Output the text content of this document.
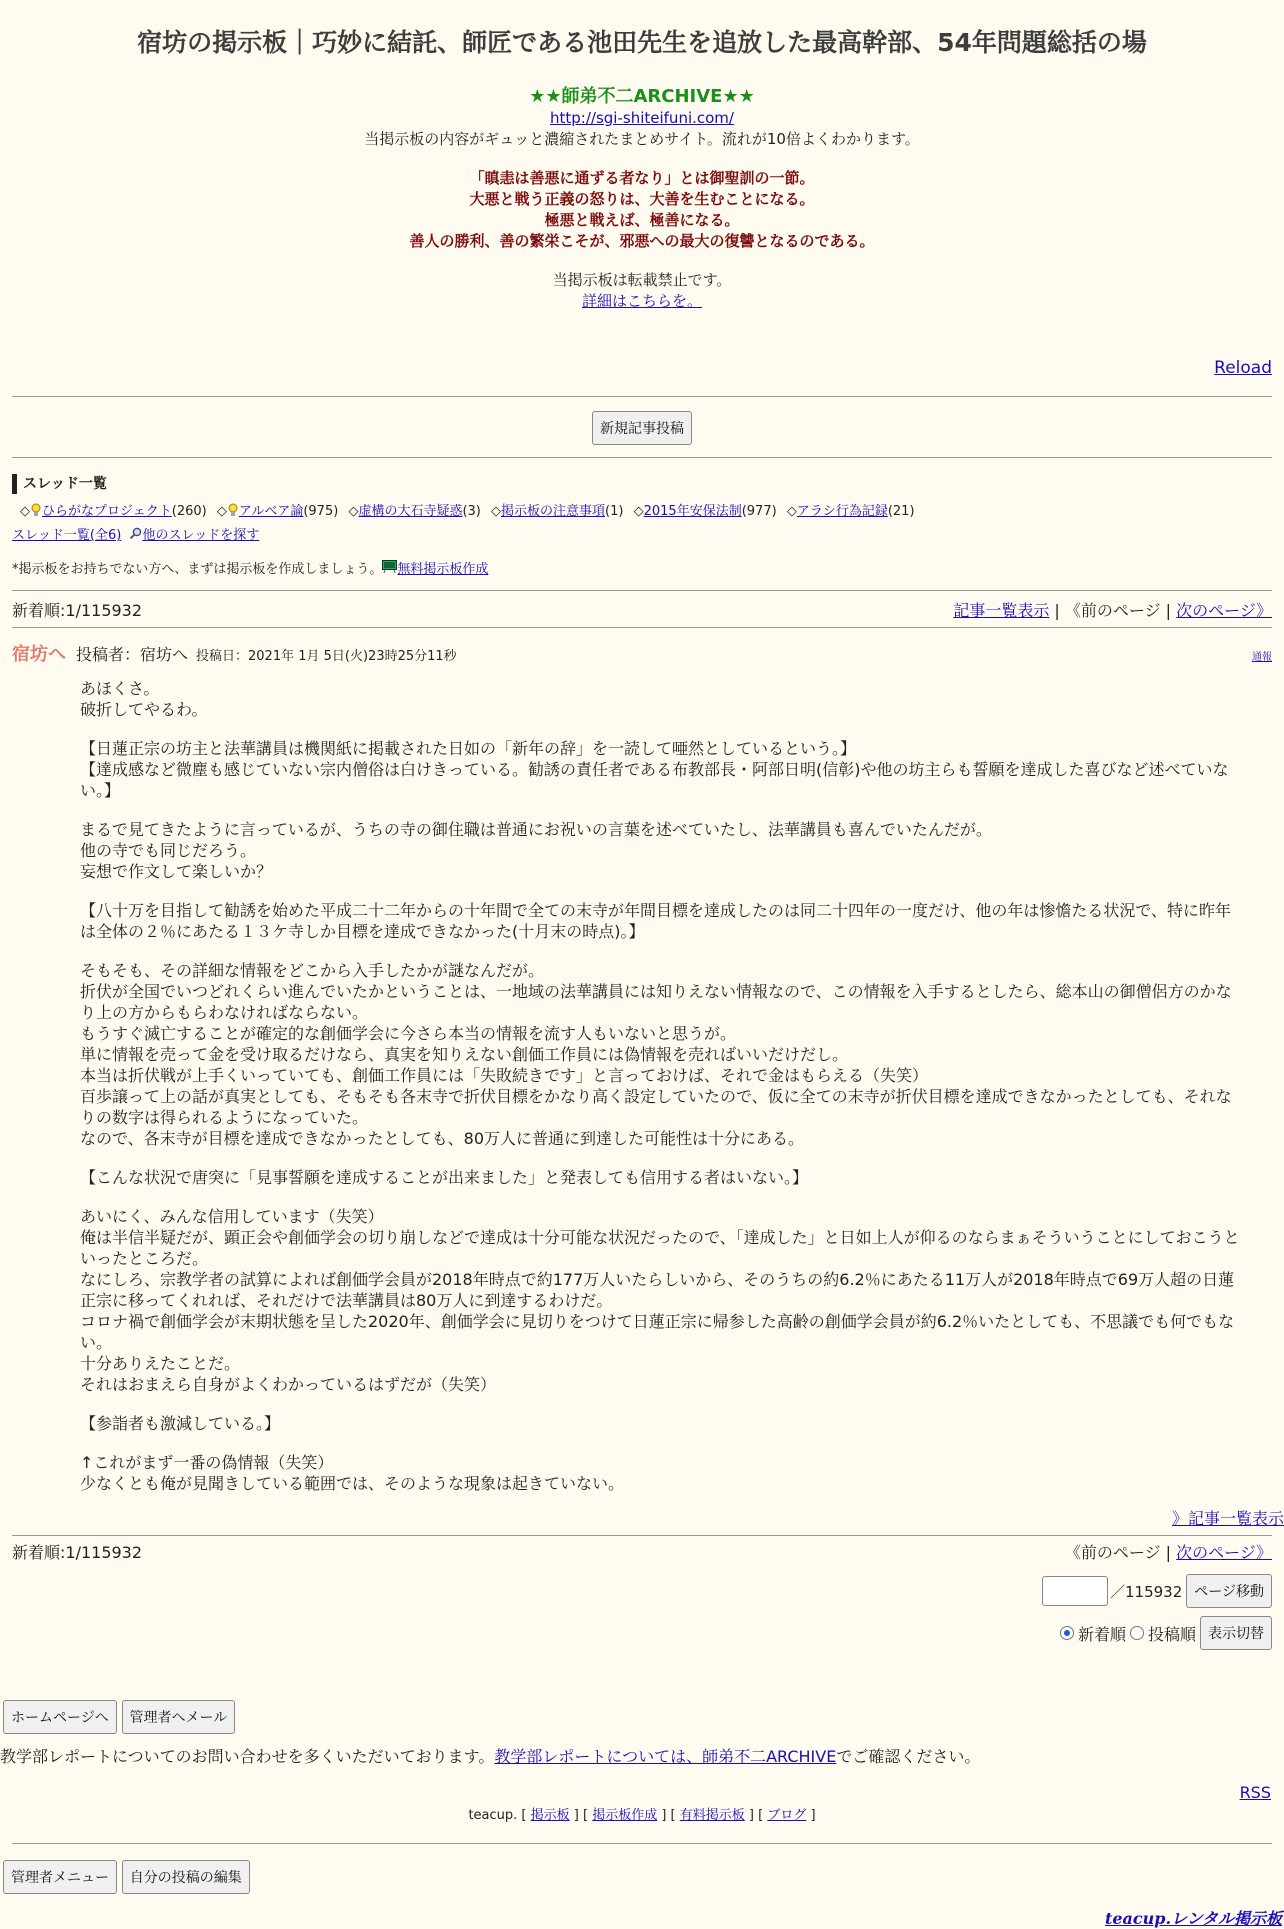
宿坊の掲示板｜巧妙に結託、師匠である池田先生を追放した最高幹部、54年問題総括の場
★★師弟不二ARCHIVE★★
http://sgi-shiteifuni.com/
当掲示板の内容がギュッと濃縮されたまとめサイト。流れが10倍よくわかります。
「瞋恚は善悪に通ずる者なり」とは御聖訓の一節。
大悪と戦う正義の怒りは、大善を生むことになる。
極悪と戦えば、極善になる。
善人の勝利、善の繁栄こそが、邪悪への最大の復讐となるのである。
当掲示板は転載禁止です。
詳細はこちらを。
Reload
新規記事投稿
スレッド一覧
◇ ひらがなプロジェクト(260) ◇ アルベア論(975) ◇虚構の大石寺疑惑(3) ◇掲示板の注意事項(1) ◇2015年安保法制(977) ◇アラシ行為記録(21)
スレッド一覧(全6) 他のスレッドを探す
*掲示板をお持ちでない方へ、まずは掲示板を作成しましょう。 無料掲示板作成
新着順:1/115932	記事一覧表示 | 《前のページ | 次のページ》
宿坊へ 投稿者：宿坊へ 投稿日：2021年 1月 5日(火)23時25分11秒	通報

あほくさ。

破折してやるわ。

【日蓮正宗の坊主と法華講員は機関紙に掲載された日如の「新年の辞」を一読して唖然としているという。】

【達成感など微塵も感じていない宗内僧俗は白けきっている。勧誘の責任者である布教部長・阿部日明(信彰)や他の坊主らも誓願を達成した喜びなど述べていない。】

まるで見てきたように言っているが、うちの寺の御住職は普通にお祝いの言葉を述べていたし、法華講員も喜んでいたんだが。

他の寺でも同じだろう。

妄想で作文して楽しいか？

【八十万を目指して勧誘を始めた平成二十二年からの十年間で全ての末寺が年間目標を達成したのは同二十四年の一度だけ、他の年は惨憺たる状況で、特に昨年は全体の２％にあたる１３ケ寺しか目標を達成できなかった(十月末の時点)。】

そもそも、その詳細な情報をどこから入手したかが謎なんだが。

折伏が全国でいつどれくらい進んでいたかということは、一地域の法華講員には知りえない情報なので、この情報を入手するとしたら、総本山の御僧侶方のかなり上の方からもらわなければならない。

もうすぐ滅亡することが確定的な創価学会に今さら本当の情報を流す人もいないと思うが。

単に情報を売って金を受け取るだけなら、真実を知りえない創価工作員には偽情報を売ればいいだけだし。

本当は折伏戦が上手くいっていても、創価工作員には「失敗続きです」と言っておけば、それで金はもらえる（失笑）

百歩譲って上の話が真実としても、そもそも各末寺で折伏目標をかなり高く設定していたので、仮に全ての末寺が折伏目標を達成できなかったとしても、それなりの数字は得られるようになっていた。

なので、各末寺が目標を達成できなかったとしても、80万人に普通に到達した可能性は十分にある。

【こんな状況で唐突に「見事誓願を達成することが出来ました」と発表しても信用する者はいない。】

あいにく、みんな信用しています（失笑）

俺は半信半疑だが、顕正会や創価学会の切り崩しなどで達成は十分可能な状況だったので、「達成した」と日如上人が仰るのならまぁそういうことにしておこうといったところだ。

なにしろ、宗教学者の試算によれば創価学会員が2018年時点で約177万人いたらしいから、そのうちの約6.2％にあたる11万人が2018年時点で69万人超の日蓮正宗に移ってくれれば、それだけで法華講員は80万人に到達するわけだ。

コロナ禍で創価学会が末期状態を呈した2020年、創価学会に見切りをつけて日蓮正宗に帰参した高齢の創価学会員が約6.2％いたとしても、不思議でも何でもない。

十分ありえたことだ。

それはおまえら自身がよくわかっているはずだが（失笑）

【参詣者も激減している。】

↑これがまず一番の偽情報（失笑）

少なくとも俺が見聞きしている範囲では、そのような現象は起きていない。

》記事一覧表示
新着順:1/115932	《前のページ | 次のページ》
／115932 ページ移動
新着順 投稿順 表示切替
ホームページへ 管理者へメール
教学部レポートについてのお問い合わせを多くいただいております。教学部レポートについては、師弟不二ARCHIVEでご確認ください。
RSS
teacup. [ 掲示板 ] [ 掲示板作成 ] [ 有料掲示板 ] [ ブログ ]
管理者メニュー 自分の投稿の編集
teacup.レンタル掲示板
